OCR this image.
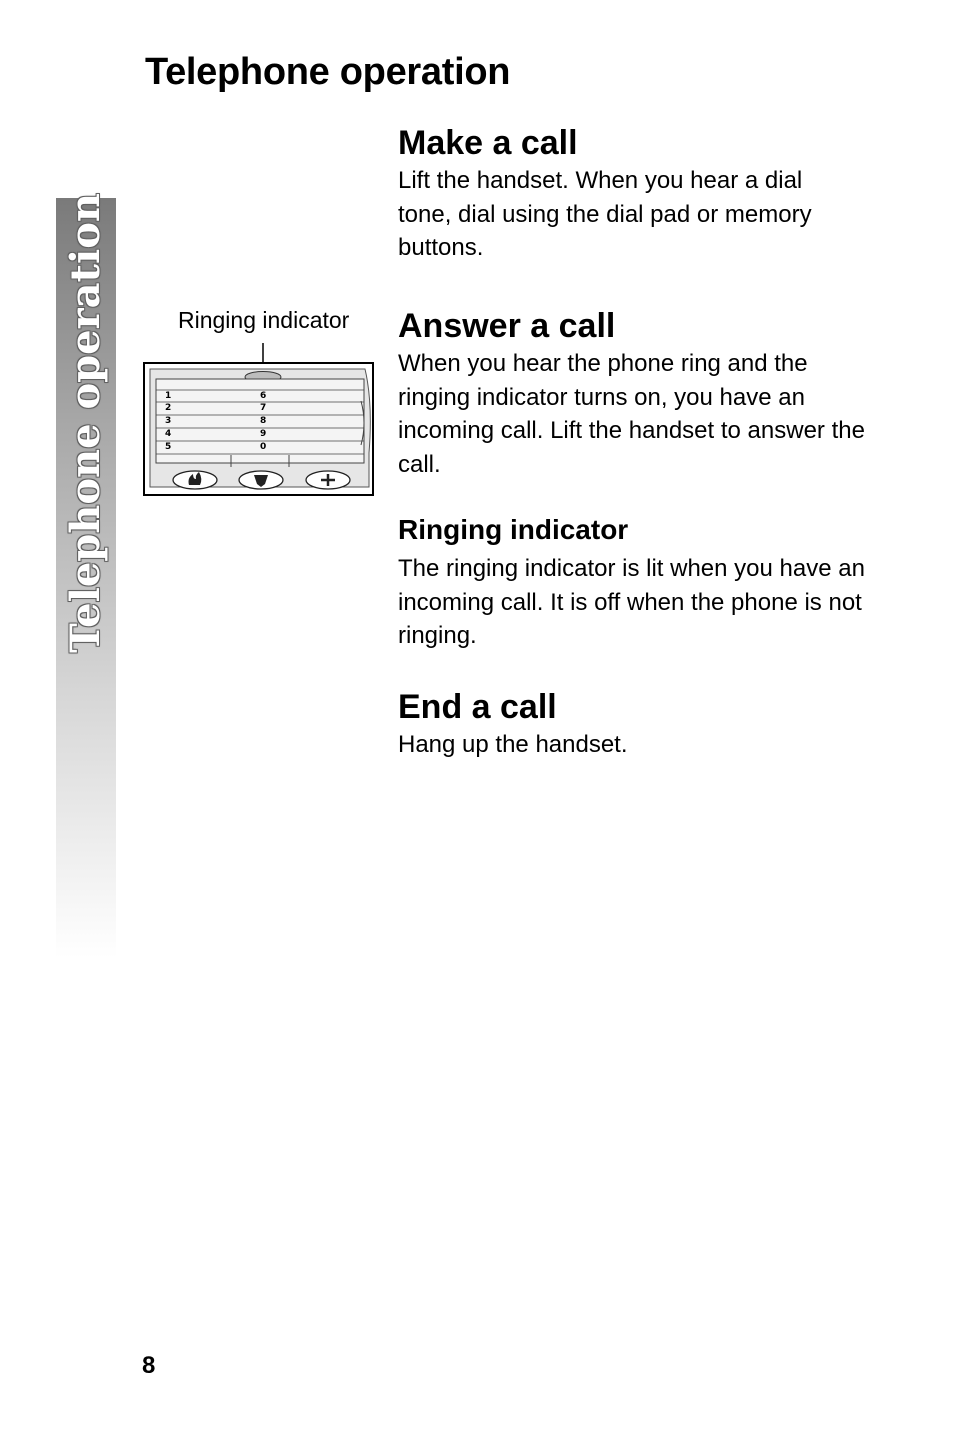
Telephone operation
Telephone operation	Ringing indicator
1
2
3
4
5
6
7
8
9
0
Make a call

Lift the handset. When you hear a dial tone, dial using the dial pad or memory buttons.

Answer a call

When you hear the phone ring and the ringing indicator turns on, you have an incoming call. Lift the handset to answer the call.

Ringing indicator

The ringing indicator is lit when you have an incoming call. It is off when the phone is not ringing.

End a call

Hang up the handset.

8
